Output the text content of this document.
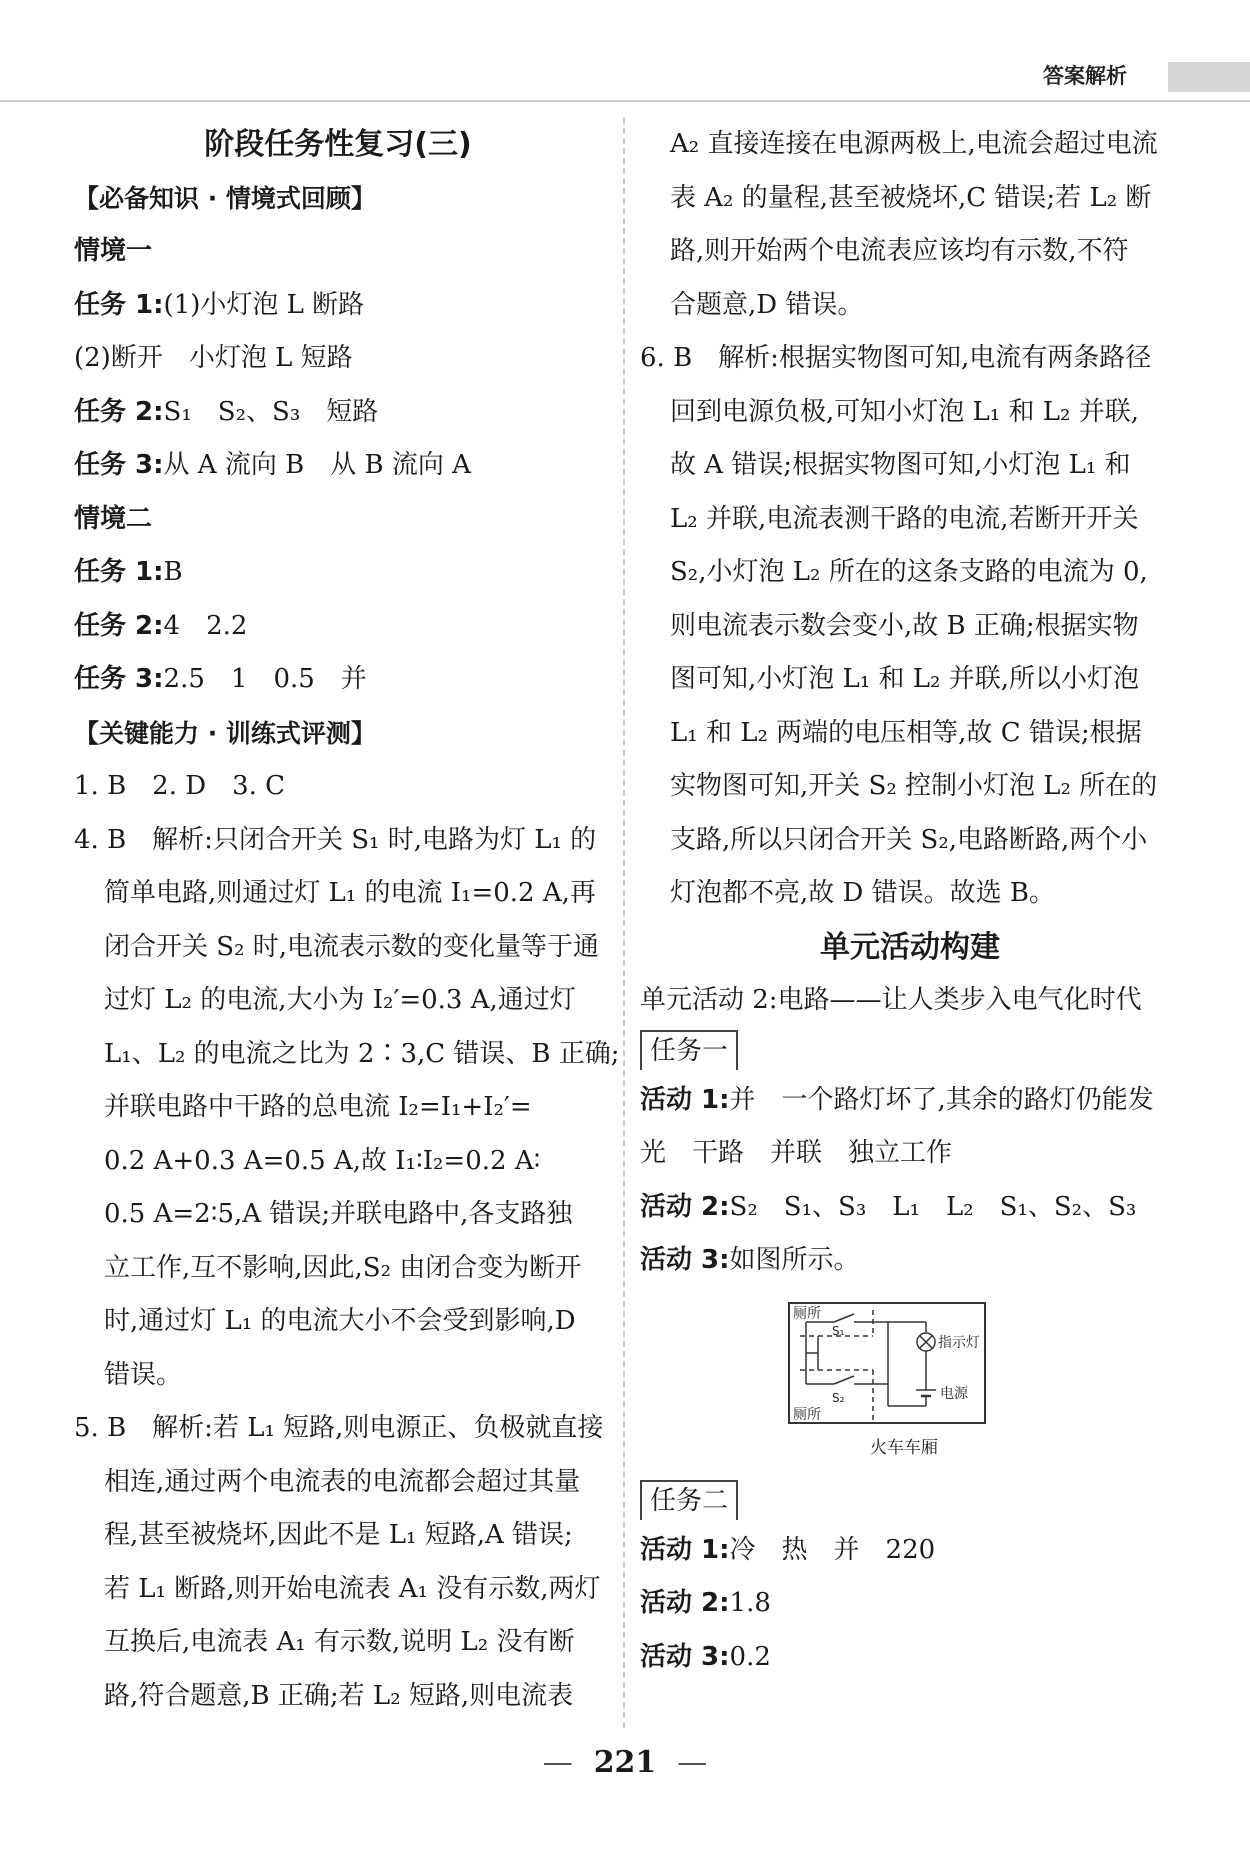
答案解析
阶段任务性复习(三)
【必备知识 · 情境式回顾】
情境一
任务 1:(1)小灯泡 L 断路
(2)断开　小灯泡 L 短路
任务 2:S₁　S₂、S₃　短路
任务 3:从 A 流向 B　从 B 流向 A
情境二
任务 1:B
任务 2:4　2.2
任务 3:2.5　1　0.5　并
【关键能力 · 训练式评测】
1. B　2. D　3. C
4. B　解析:只闭合开关 S₁ 时,电路为灯 L₁ 的
简单电路,则通过灯 L₁ 的电流 I₁=0.2 A,再
闭合开关 S₂ 时,电流表示数的变化量等于通
过灯 L₂ 的电流,大小为 I₂′=0.3 A,通过灯
L₁、L₂ 的电流之比为 2∶3,C 错误、B 正确;
并联电路中干路的总电流 I₂=I₁+I₂′=
0.2 A+0.3 A=0.5 A,故 I₁∶I₂=0.2 A∶
0.5 A=2∶5,A 错误;并联电路中,各支路独
立工作,互不影响,因此,S₂ 由闭合变为断开
时,通过灯 L₁ 的电流大小不会受到影响,D
错误。
5. B　解析:若 L₁ 短路,则电源正、负极就直接
相连,通过两个电流表的电流都会超过其量
程,甚至被烧坏,因此不是 L₁ 短路,A 错误;
若 L₁ 断路,则开始电流表 A₁ 没有示数,两灯
互换后,电流表 A₁ 有示数,说明 L₂ 没有断
路,符合题意,B 正确;若 L₂ 短路,则电流表
A₂ 直接连接在电源两极上,电流会超过电流
表 A₂ 的量程,甚至被烧坏,C 错误;若 L₂ 断
路,则开始两个电流表应该均有示数,不符
合题意,D 错误。
6. B　解析:根据实物图可知,电流有两条路径
回到电源负极,可知小灯泡 L₁ 和 L₂ 并联,
故 A 错误;根据实物图可知,小灯泡 L₁ 和
L₂ 并联,电流表测干路的电流,若断开开关
S₂,小灯泡 L₂ 所在的这条支路的电流为 0,
则电流表示数会变小,故 B 正确;根据实物
图可知,小灯泡 L₁ 和 L₂ 并联,所以小灯泡
L₁ 和 L₂ 两端的电压相等,故 C 错误;根据
实物图可知,开关 S₂ 控制小灯泡 L₂ 所在的
支路,所以只闭合开关 S₂,电路断路,两个小
灯泡都不亮,故 D 错误。故选 B。
单元活动构建
单元活动 2:电路——让人类步入电气化时代
任务一
活动 1:并　一个路灯坏了,其余的路灯仍能发
光　干路　并联　独立工作
活动 2:S₂　S₁、S₃　L₁　L₂　S₁、S₂、S₃
活动 3:如图所示。
厕所
S₁
S₂
厕所
指示灯
电源
火车车厢
任务二
活动 1:冷　热　并　220
活动 2:1.8
活动 3:0.2
— 221 —
